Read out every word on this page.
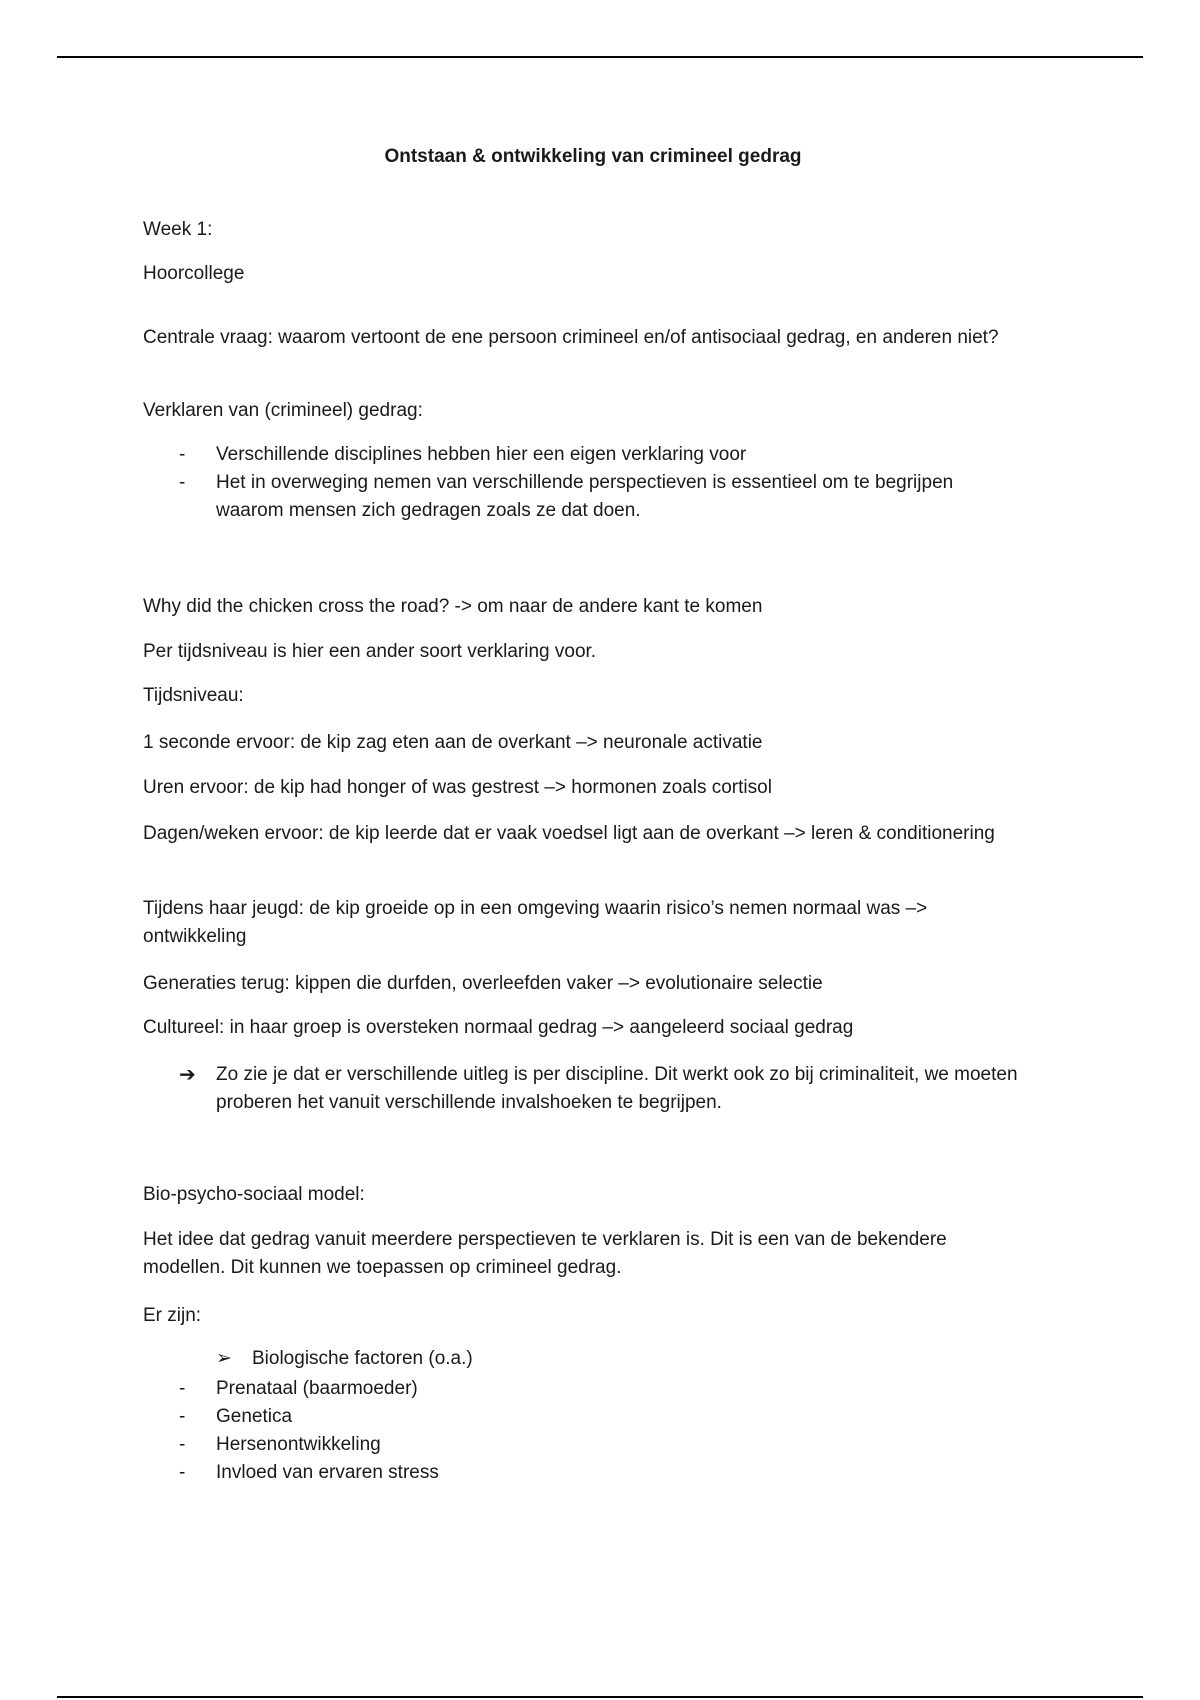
Ontstaan & ontwikkeling van crimineel gedrag

Week 1:

Hoorcollege

Centrale vraag: waarom vertoont de ene persoon crimineel en/of antisociaal gedrag, en anderen niet?

Verklaren van (crimineel) gedrag:

-	Verschillende disciplines hebben hier een eigen verklaring voor
-	Het in overweging nemen van verschillende perspectieven is essentieel om te begrijpen waarom mensen zich gedragen zoals ze dat doen.

Why did the chicken cross the road? -> om naar de andere kant te komen

Per tijdsniveau is hier een ander soort verklaring voor.

Tijdsniveau:

1 seconde ervoor: de kip zag eten aan de overkant –> neuronale activatie

Uren ervoor: de kip had honger of was gestrest –> hormonen zoals cortisol

Dagen/weken ervoor: de kip leerde dat er vaak voedsel ligt aan de overkant –> leren & conditionering

Tijdens haar jeugd: de kip groeide op in een omgeving waarin risico’s nemen normaal was –> ontwikkeling

Generaties terug: kippen die durfden, overleefden vaker –> evolutionaire selectie

Cultureel: in haar groep is oversteken normaal gedrag –> aangeleerd sociaal gedrag

➔ Zo zie je dat er verschillende uitleg is per discipline. Dit werkt ook zo bij criminaliteit, we moeten proberen het vanuit verschillende invalshoeken te begrijpen.

Bio-psycho-sociaal model:

Het idee dat gedrag vanuit meerdere perspectieven te verklaren is. Dit is een van de bekendere modellen. Dit kunnen we toepassen op crimineel gedrag.

Er zijn:

➢ Biologische factoren (o.a.)
-	Prenataal (baarmoeder)
-	Genetica
-	Hersenontwikkeling
-	Invloed van ervaren stress
